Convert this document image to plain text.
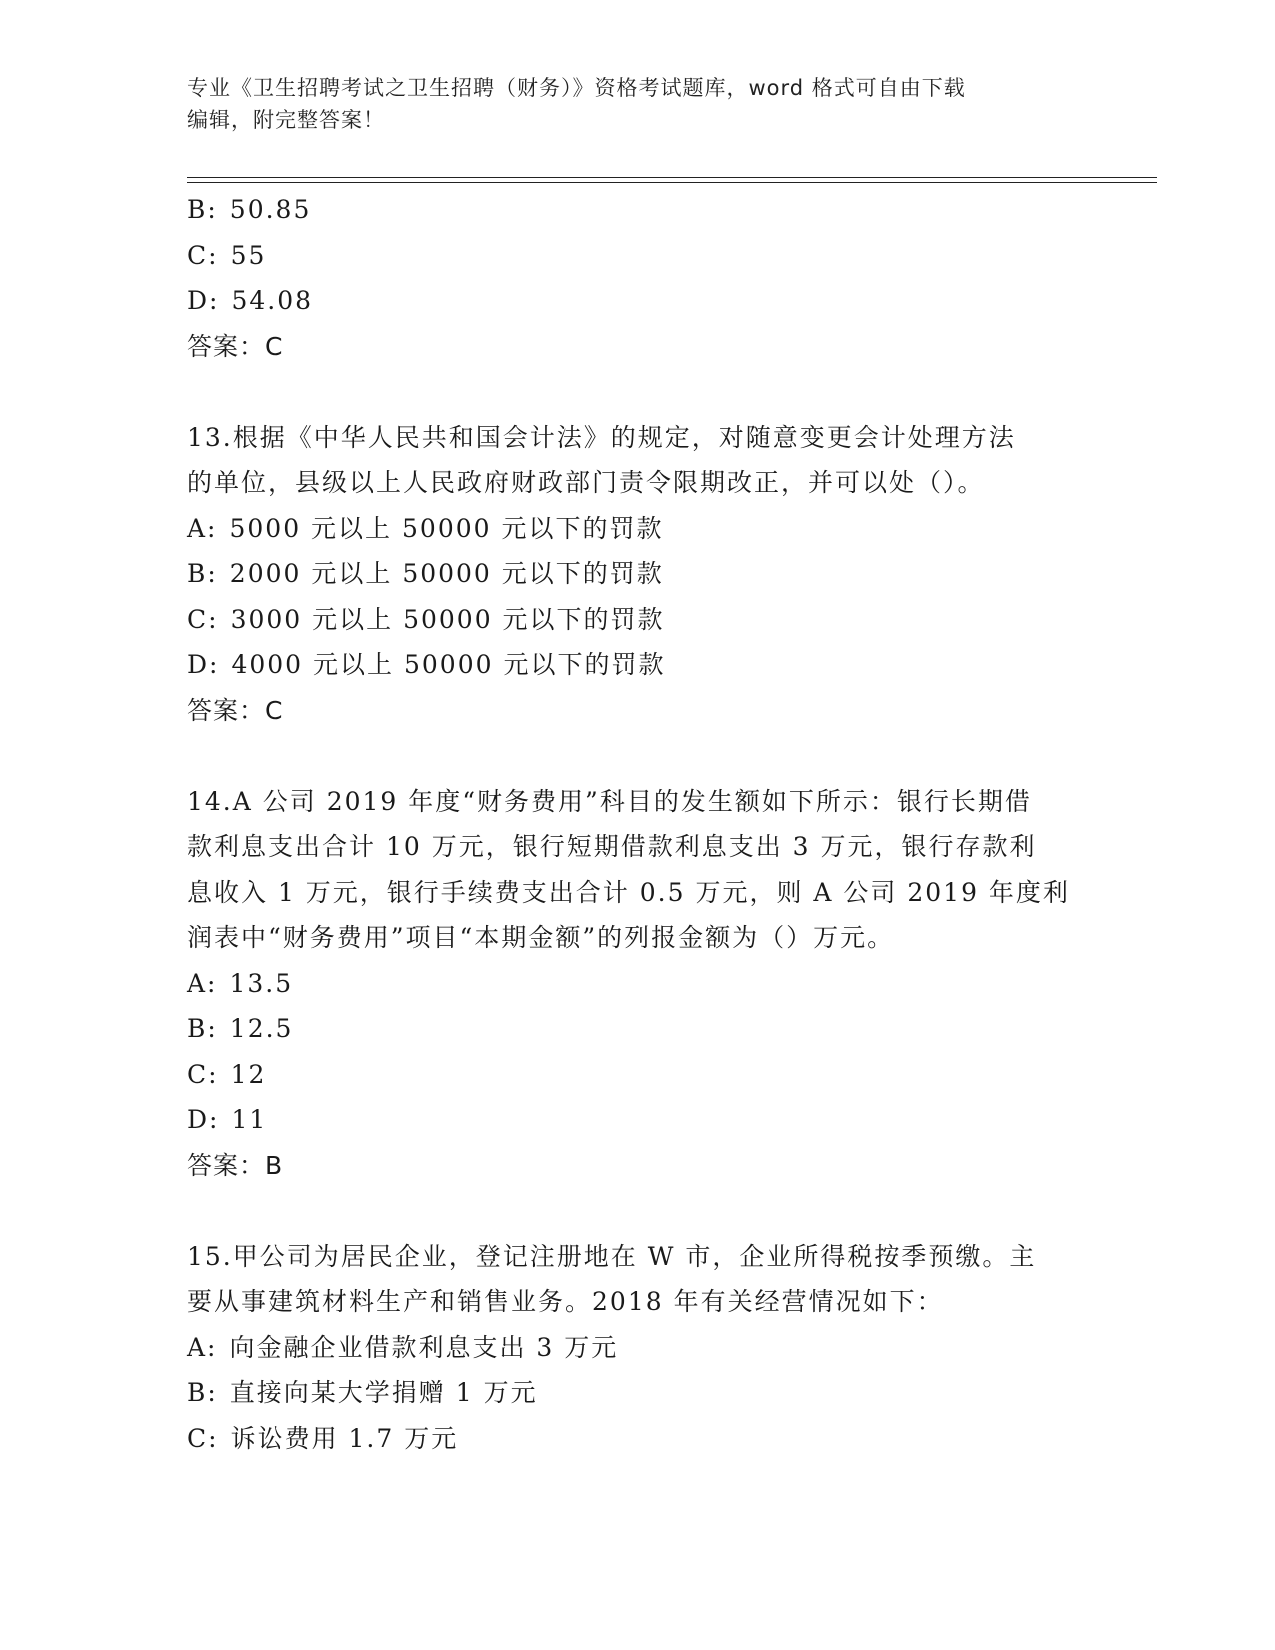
专业《卫生招聘考试之卫生招聘（财务）》资格考试题库，word 格式可自由下载
编辑，附完整答案！
B: 50.85
C: 55
D: 54.08
答案：C
13.根据《中华人民共和国会计法》的规定，对随意变更会计处理方法
的单位，县级以上人民政府财政部门责令限期改正，并可以处（）。
A: 5000 元以上 50000 元以下的罚款
B: 2000 元以上 50000 元以下的罚款
C: 3000 元以上 50000 元以下的罚款
D: 4000 元以上 50000 元以下的罚款
答案：C
14.A 公司 2019 年度“财务费用”科目的发生额如下所示：银行长期借
款利息支出合计 10 万元，银行短期借款利息支出 3 万元，银行存款利
息收入 1 万元，银行手续费支出合计 0.5 万元，则 A 公司 2019 年度利
润表中“财务费用”项目“本期金额”的列报金额为（）万元。
A: 13.5
B: 12.5
C: 12
D: 11
答案：B
15.甲公司为居民企业，登记注册地在 W 市，企业所得税按季预缴。主
要从事建筑材料生产和销售业务。2018 年有关经营情况如下：
A: 向金融企业借款利息支出 3 万元
B: 直接向某大学捐赠 1 万元
C: 诉讼费用 1.7 万元
